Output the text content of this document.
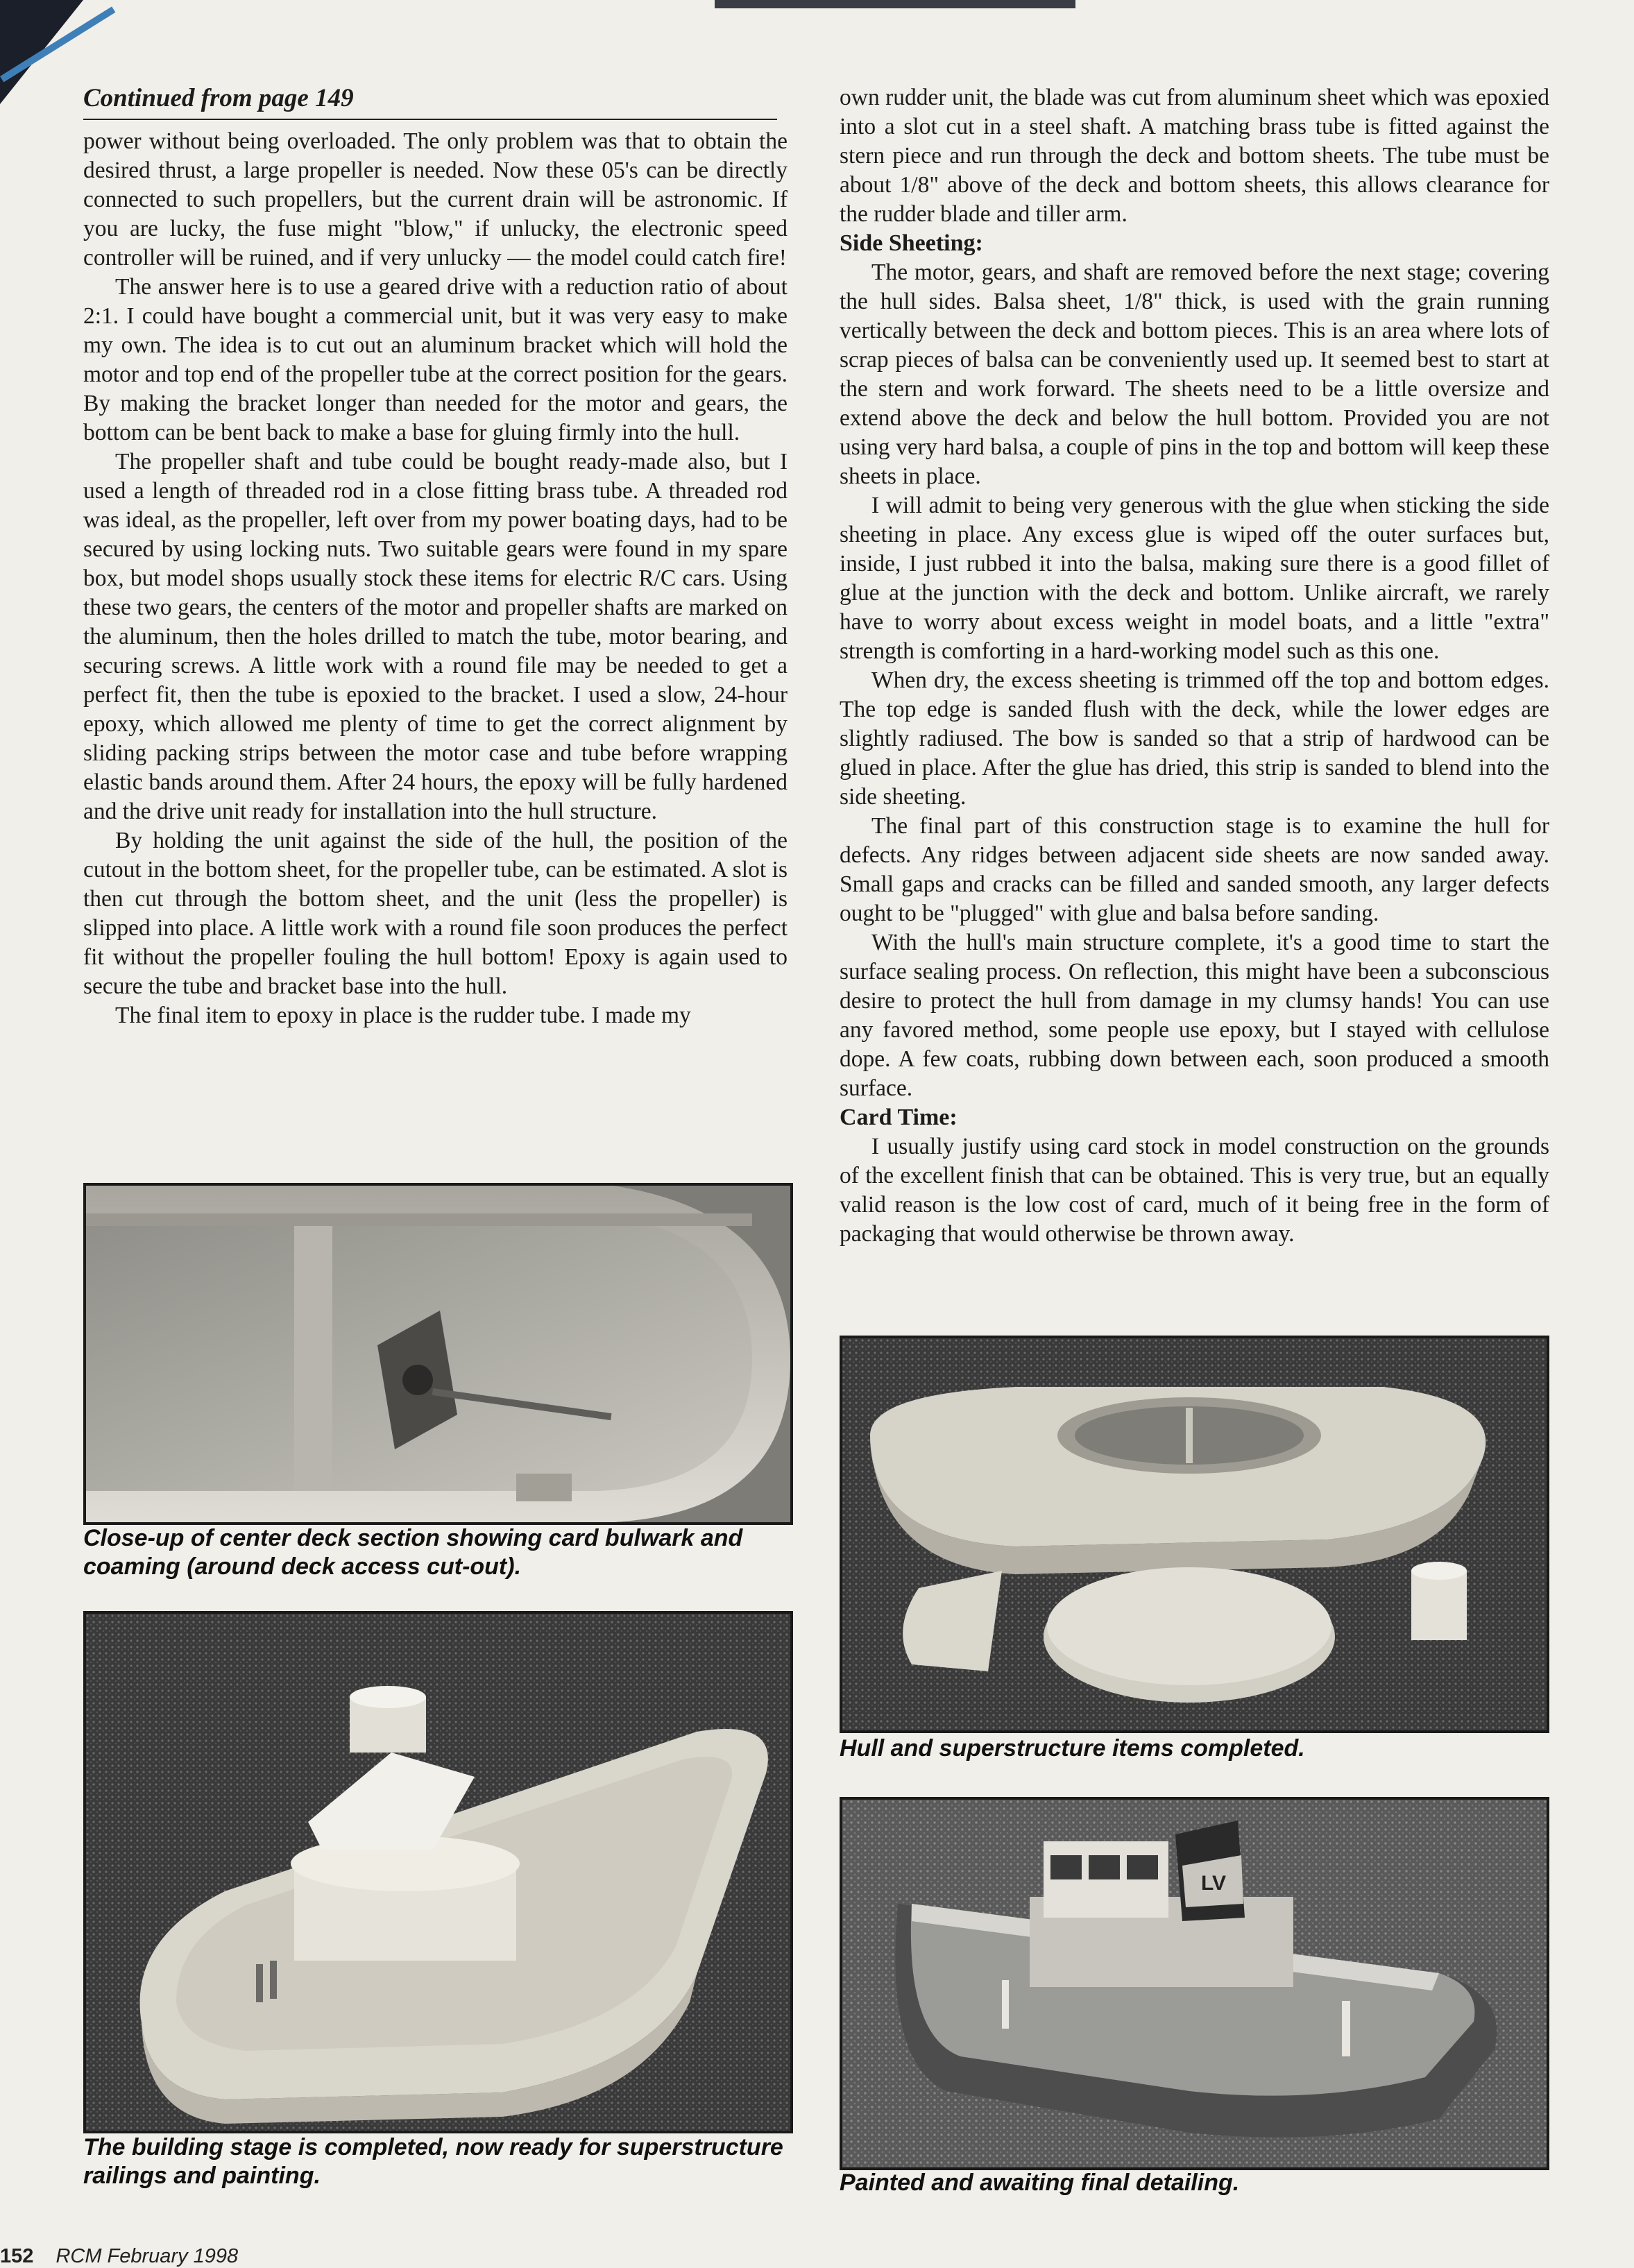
Continued from page 149

power without being overloaded. The only problem was that to obtain the desired thrust, a large propeller is needed. Now these 05's can be directly connected to such propellers, but the current drain will be astronomic. If you are lucky, the fuse might "blow," if unlucky, the electronic speed controller will be ruined, and if very unlucky — the model could catch fire!

The answer here is to use a geared drive with a reduction ratio of about 2:1. I could have bought a commercial unit, but it was very easy to make my own. The idea is to cut out an aluminum bracket which will hold the motor and top end of the propeller tube at the correct position for the gears. By making the bracket longer than needed for the motor and gears, the bottom can be bent back to make a base for gluing firmly into the hull.

The propeller shaft and tube could be bought ready-made also, but I used a length of threaded rod in a close fitting brass tube. A threaded rod was ideal, as the propeller, left over from my power boating days, had to be secured by using locking nuts. Two suitable gears were found in my spare box, but model shops usually stock these items for electric R/C cars. Using these two gears, the centers of the motor and propeller shafts are marked on the aluminum, then the holes drilled to match the tube, motor bearing, and securing screws. A little work with a round file may be needed to get a perfect fit, then the tube is epoxied to the bracket. I used a slow, 24-hour epoxy, which allowed me plenty of time to get the correct alignment by sliding packing strips between the motor case and tube before wrapping elastic bands around them. After 24 hours, the epoxy will be fully hardened and the drive unit ready for installation into the hull structure.

By holding the unit against the side of the hull, the position of the cutout in the bottom sheet, for the propeller tube, can be estimated. A slot is then cut through the bottom sheet, and the unit (less the propeller) is slipped into place. A little work with a round file soon produces the perfect fit without the propeller fouling the hull bottom! Epoxy is again used to secure the tube and bracket base into the hull.

The final item to epoxy in place is the rudder tube. I made my

own rudder unit, the blade was cut from aluminum sheet which was epoxied into a slot cut in a steel shaft. A matching brass tube is fitted against the stern piece and run through the deck and bottom sheets. The tube must be about 1/8" above of the deck and bottom sheets, this allows clearance for the rudder blade and tiller arm.

Side Sheeting:

The motor, gears, and shaft are removed before the next stage; covering the hull sides. Balsa sheet, 1/8" thick, is used with the grain running vertically between the deck and bottom pieces. This is an area where lots of scrap pieces of balsa can be conveniently used up. It seemed best to start at the stern and work forward. The sheets need to be a little oversize and extend above the deck and below the hull bottom. Provided you are not using very hard balsa, a couple of pins in the top and bottom will keep these sheets in place.

I will admit to being very generous with the glue when sticking the side sheeting in place. Any excess glue is wiped off the outer surfaces but, inside, I just rubbed it into the balsa, making sure there is a good fillet of glue at the junction with the deck and bottom. Unlike aircraft, we rarely have to worry about excess weight in model boats, and a little "extra" strength is comforting in a hard-working model such as this one.

When dry, the excess sheeting is trimmed off the top and bottom edges. The top edge is sanded flush with the deck, while the lower edges are slightly radiused. The bow is sanded so that a strip of hardwood can be glued in place. After the glue has dried, this strip is sanded to blend into the side sheeting.

The final part of this construction stage is to examine the hull for defects. Any ridges between adjacent side sheets are now sanded away. Small gaps and cracks can be filled and sanded smooth, any larger defects ought to be "plugged" with glue and balsa before sanding.

With the hull's main structure complete, it's a good time to start the surface sealing process. On reflection, this might have been a subconscious desire to protect the hull from damage in my clumsy hands! You can use any favored method, some people use epoxy, but I stayed with cellulose dope. A few coats, rubbing down between each, soon produced a smooth surface.

Card Time:

I usually justify using card stock in model construction on the grounds of the excellent finish that can be obtained. This is very true, but an equally valid reason is the low cost of card, much of it being free in the form of packaging that would otherwise be thrown away.

Close-up of center deck section showing card bulwark and coaming (around deck access cut-out).
The building stage is completed, now ready for superstructure railings and painting.
Hull and superstructure items completed.
LV
Painted and awaiting final detailing.
152 RCM February 1998
